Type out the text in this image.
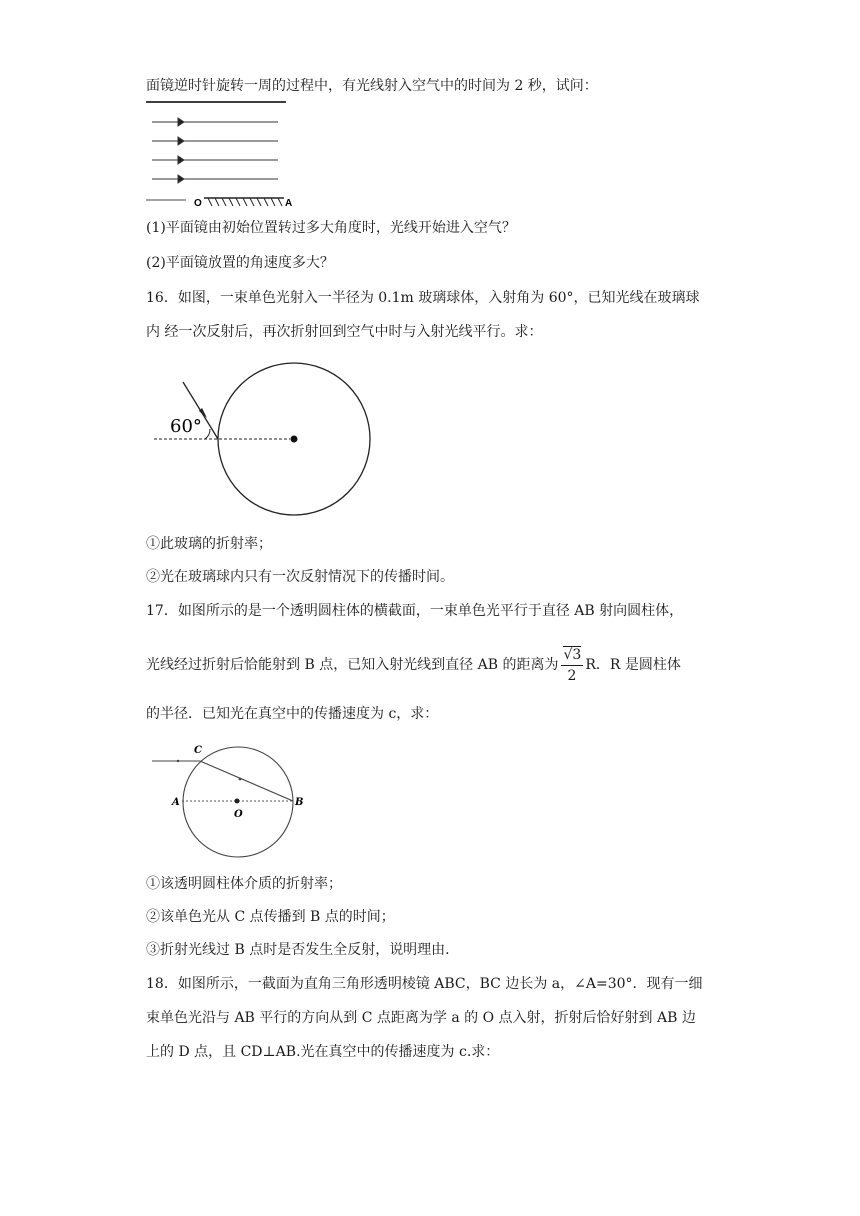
面镜逆时针旋转一周的过程中，有光线射入空气中的时间为 2 秒，试问：
O	A
(1)平面镜由初始位置转过多大角度时，光线开始进入空气？
(2)平面镜放置的角速度多大？
16．如图，一束单色光射入一半径为 0.1m 玻璃球体，入射角为 60°，已知光线在玻璃球
内 经一次反射后，再次折射回到空气中时与入射光线平行。求：
60°
①此玻璃的折射率；
②光在玻璃球内只有一次反射情况下的传播时间。
17．如图所示的是一个透明圆柱体的横截面，一束单色光平行于直径 AB 射向圆柱体，
光线经过折射后恰能射到 B 点，已知入射光线到直径 AB 的距离为 $\frac{√3}{2}$ R．R 是圆柱体
的半径．已知光在真空中的传播速度为 c，求：
C
A	B
O
①该透明圆柱体介质的折射率；
②该单色光从 C 点传播到 B 点的时间；
③折射光线过 B 点时是否发生全反射，说明理由.
18．如图所示，一截面为直角三角形透明棱镜 ABC，BC 边长为 a，∠A=30°．现有一细
束单色光沿与 AB 平行的方向从到 C 点距离为学 a 的 O 点入射，折射后恰好射到 AB 边
上的 D 点，且 CD⊥AB.光在真空中的传播速度为 c.求：
